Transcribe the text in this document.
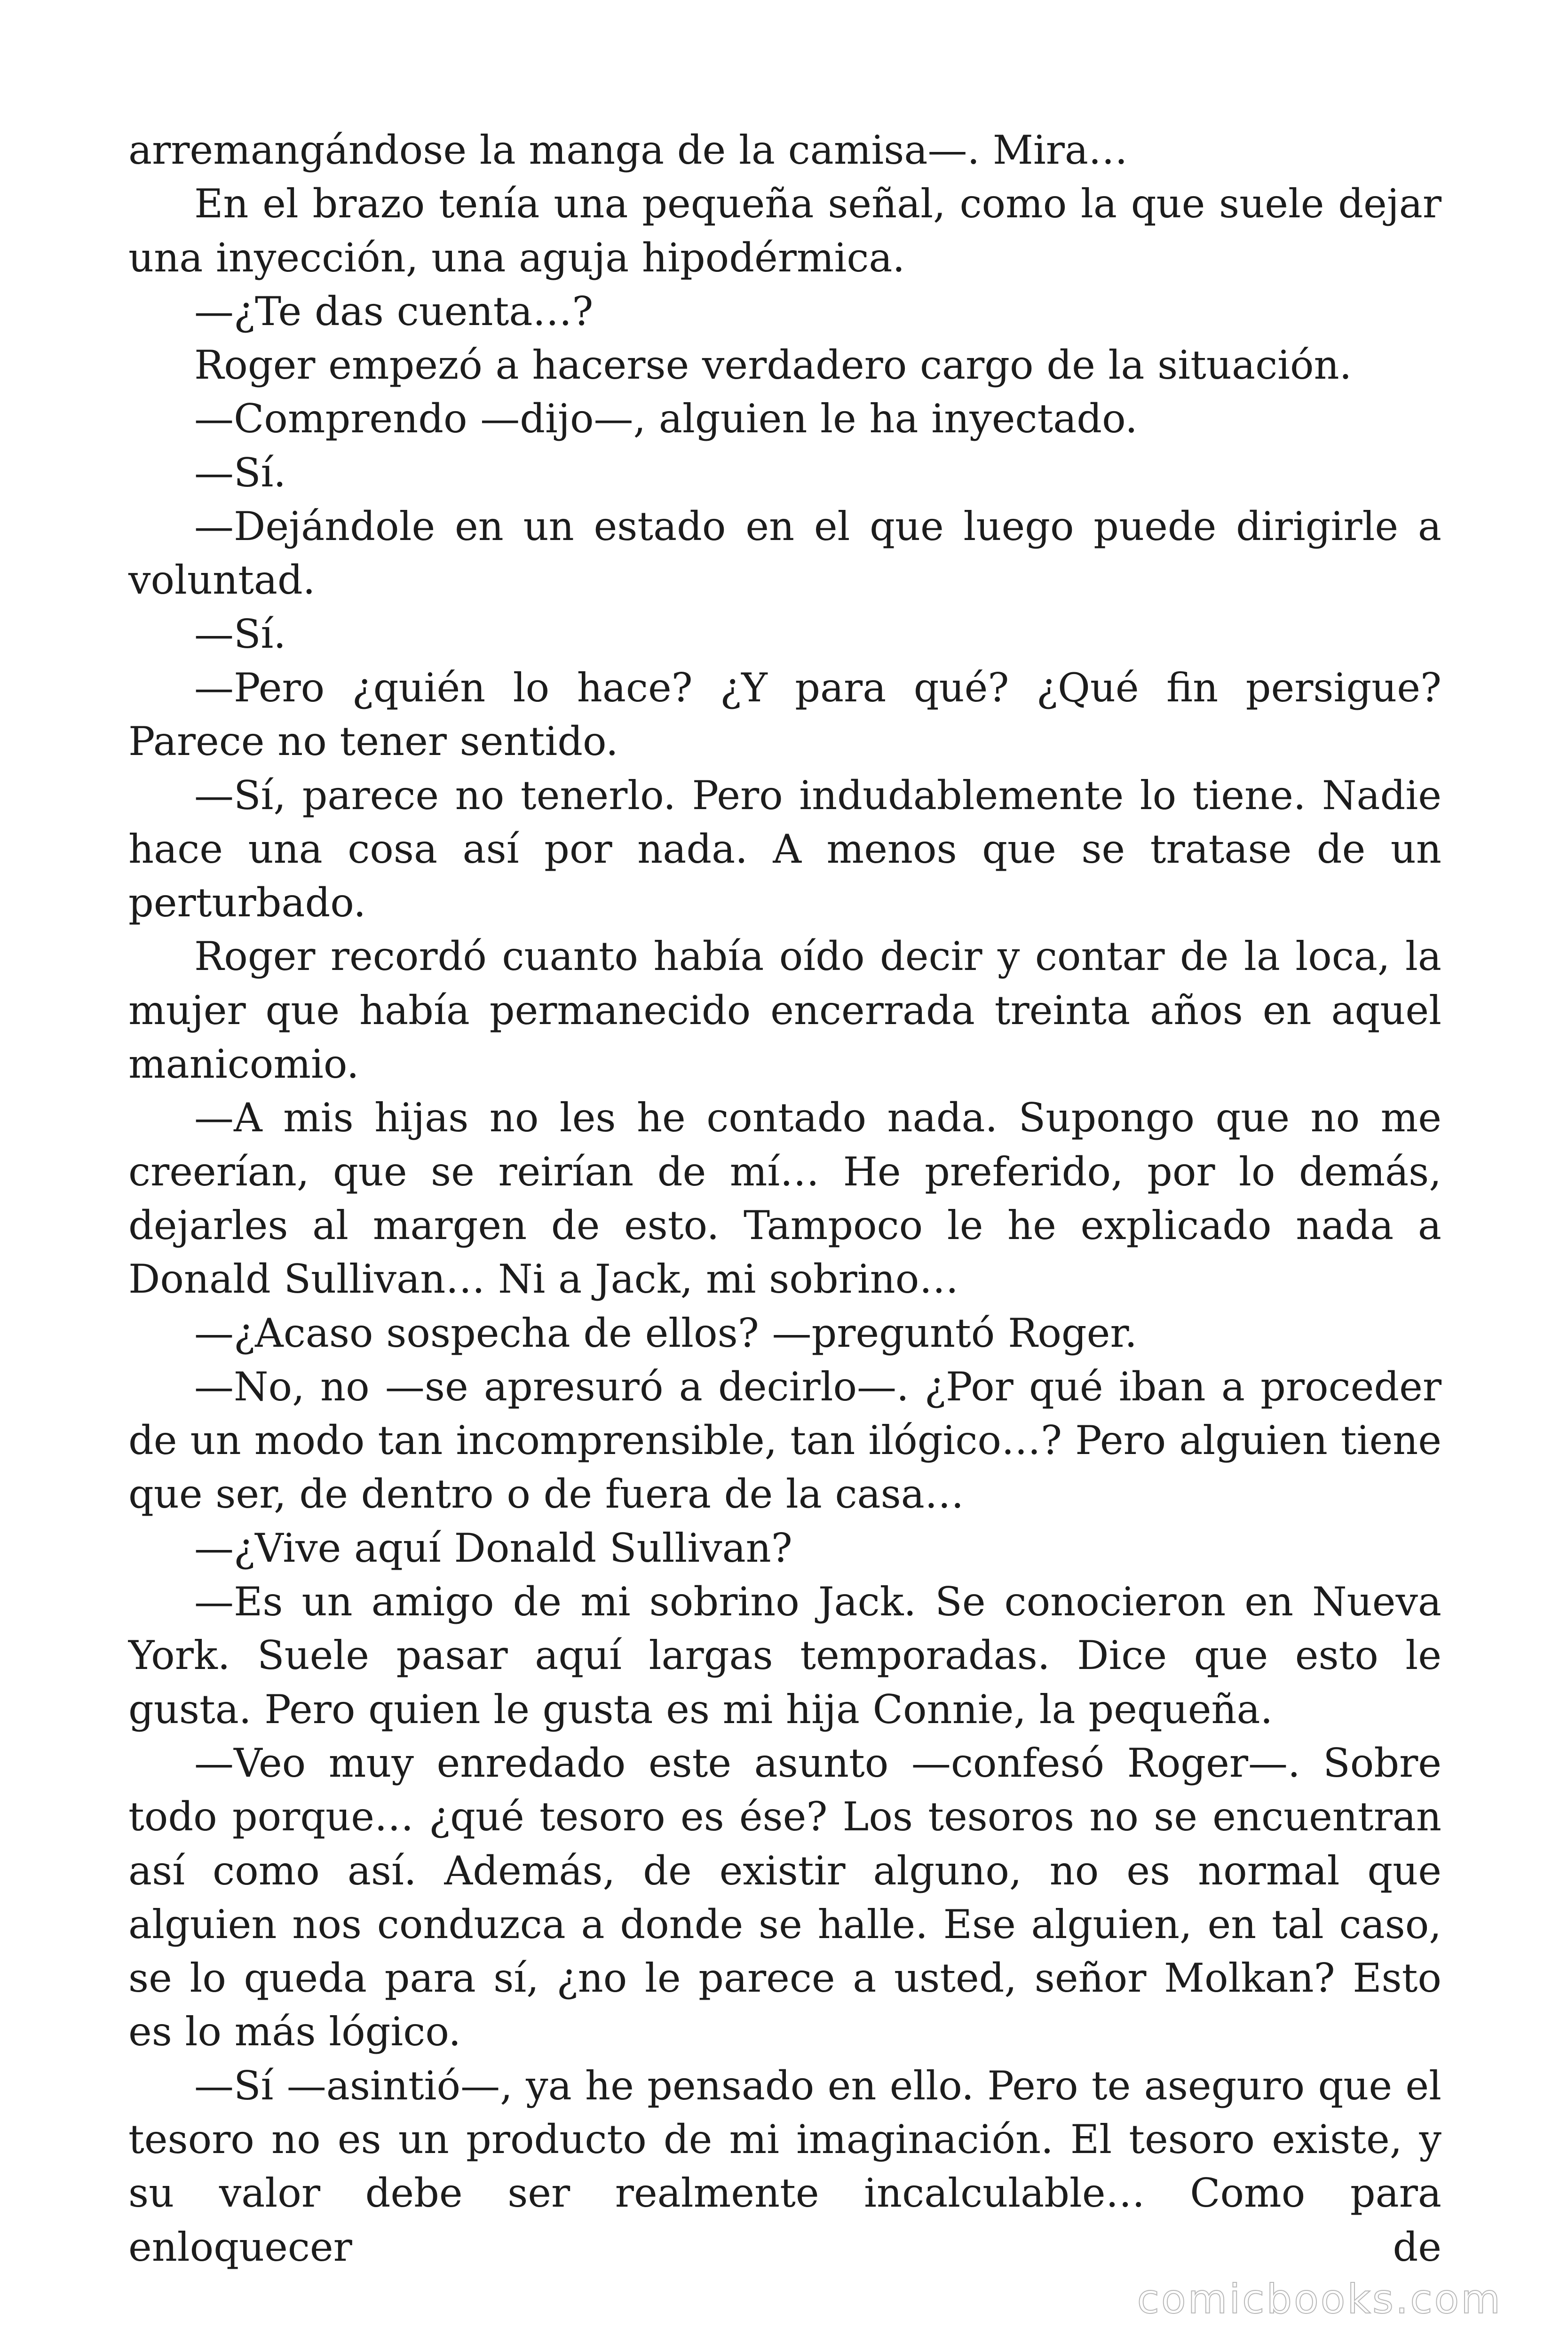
arremangándose la manga de la camisa—. Mira…

En el brazo tenía una pequeña señal, como la que suele dejar una inyección, una aguja hipodérmica.

—¿Te das cuenta…?

Roger empezó a hacerse verdadero cargo de la situación.

—Comprendo —dijo—, alguien le ha inyectado.

—Sí.

—Dejándole en un estado en el que luego puede dirigirle a voluntad.

—Sí.

—Pero ¿quién lo hace? ¿Y para qué? ¿Qué fin persigue? Parece no tener sentido.

—Sí, parece no tenerlo. Pero indudablemente lo tiene. Nadie hace una cosa así por nada. A menos que se tratase de un perturbado.

Roger recordó cuanto había oído decir y contar de la loca, la mujer que había permanecido encerrada treinta años en aquel manicomio.

—A mis hijas no les he contado nada. Supongo que no me creerían, que se reirían de mí… He preferido, por lo demás, dejarles al margen de esto. Tampoco le he explicado nada a Donald Sullivan… Ni a Jack, mi sobrino…

—¿Acaso sospecha de ellos? —preguntó Roger.

—No, no —se apresuró a decirlo—. ¿Por qué iban a proceder de un modo tan incomprensible, tan ilógico…? Pero alguien tiene que ser, de dentro o de fuera de la casa…

—¿Vive aquí Donald Sullivan?

—Es un amigo de mi sobrino Jack. Se conocieron en Nueva York. Suele pasar aquí largas temporadas. Dice que esto le gusta. Pero quien le gusta es mi hija Connie, la pequeña.

—Veo muy enredado este asunto —confesó Roger—. Sobre todo porque… ¿qué tesoro es ése? Los tesoros no se encuentran así como así. Además, de existir alguno, no es normal que alguien nos conduzca a donde se halle. Ese alguien, en tal caso, se lo queda para sí, ¿no le parece a usted, señor Molkan? Esto es lo más lógico.

—Sí —asintió—, ya he pensado en ello. Pero te aseguro que el tesoro no es un producto de mi imaginación. El tesoro existe, y su valor debe ser realmente incalculable… Como para enloquecer de

comicbooks.com
